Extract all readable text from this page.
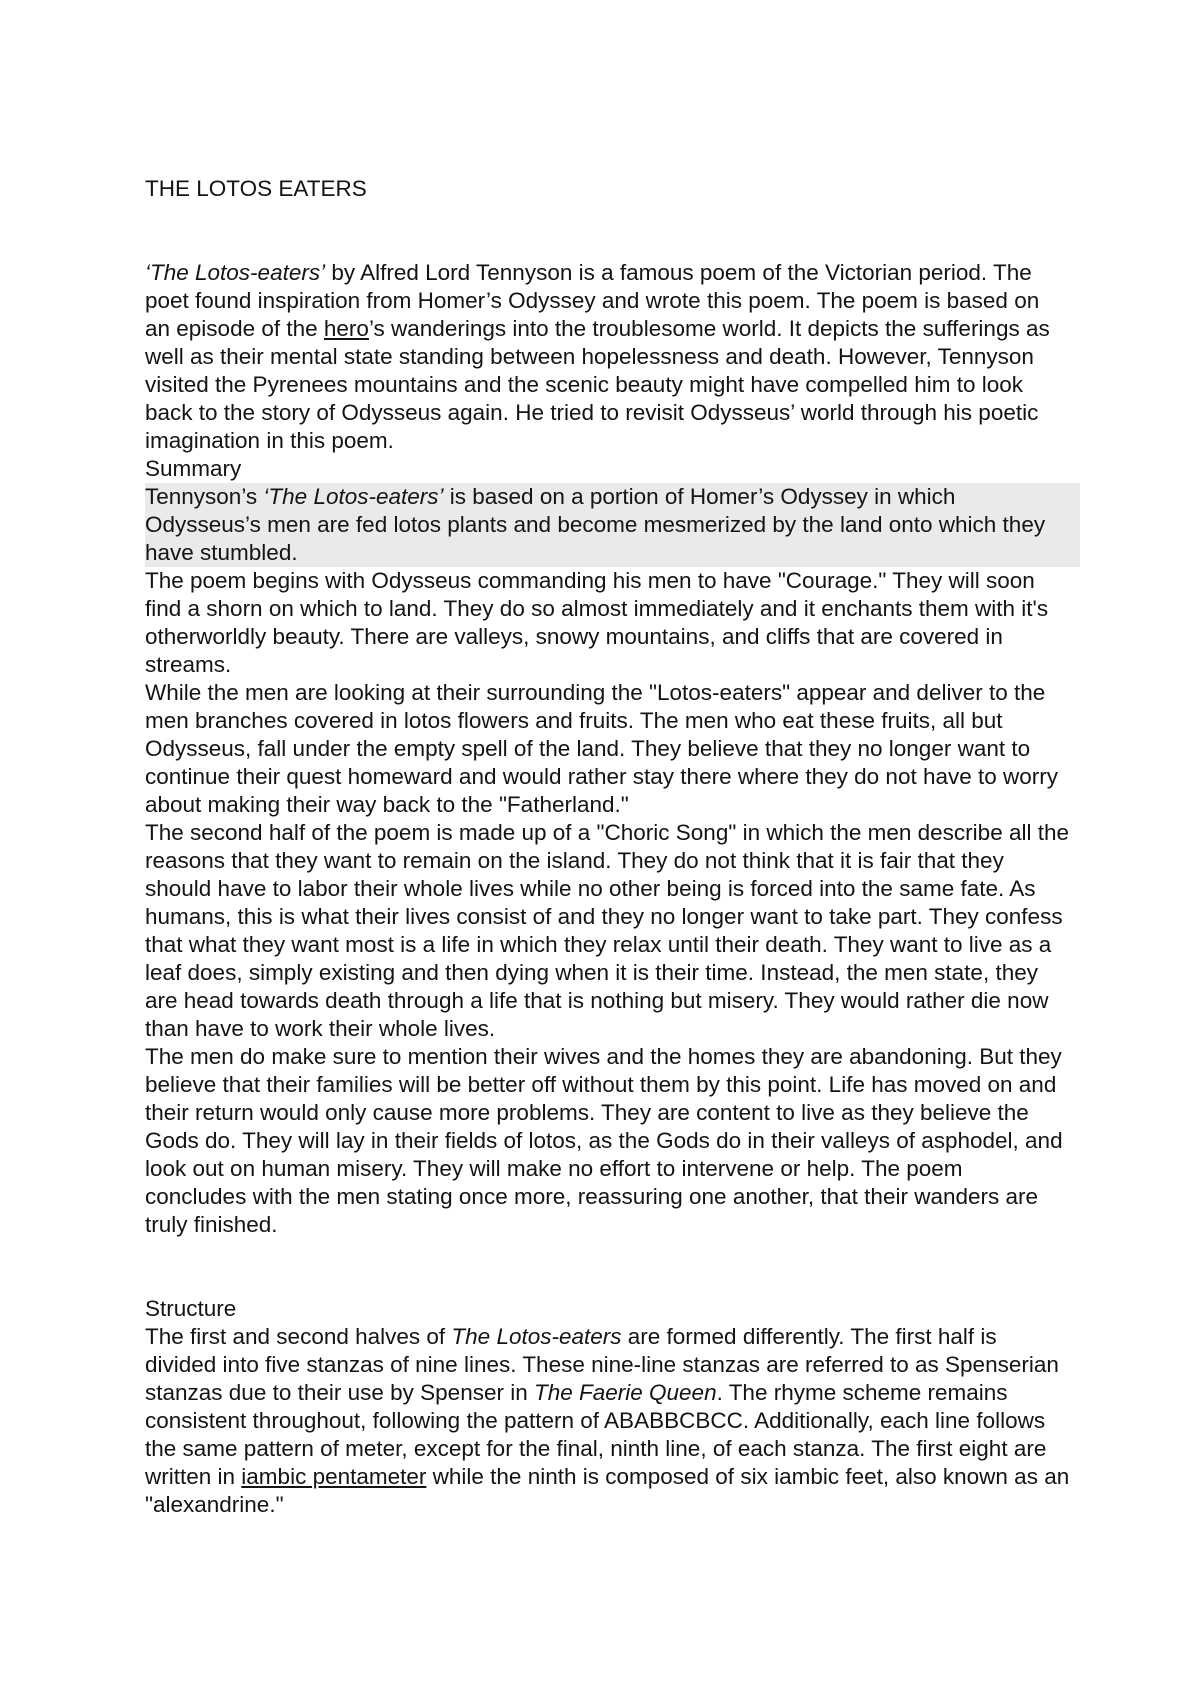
THE LOTOS EATERS

‘The Lotos-eaters’ by Alfred Lord Tennyson is a famous poem of the Victorian period. The poet found inspiration from Homer’s Odyssey and wrote this poem. The poem is based on an episode of the hero’s wanderings into the troublesome world. It depicts the sufferings as well as their mental state standing between hopelessness and death. However, Tennyson visited the Pyrenees mountains and the scenic beauty might have compelled him to look back to the story of Odysseus again. He tried to revisit Odysseus’ world through his poetic imagination in this poem.

Summary

Tennyson’s ‘The Lotos-eaters’ is based on a portion of Homer’s Odyssey in which Odysseus’s men are fed lotos plants and become mesmerized by the land onto which they have stumbled.

The poem begins with Odysseus commanding his men to have "Courage." They will soon find a shorn on which to land. They do so almost immediately and it enchants them with it's otherworldly beauty. There are valleys, snowy mountains, and cliffs that are covered in streams.

While the men are looking at their surrounding the "Lotos-eaters" appear and deliver to the men branches covered in lotos flowers and fruits. The men who eat these fruits, all but Odysseus, fall under the empty spell of the land. They believe that they no longer want to continue their quest homeward and would rather stay there where they do not have to worry about making their way back to the "Fatherland."

The second half of the poem is made up of a "Choric Song" in which the men describe all the reasons that they want to remain on the island. They do not think that it is fair that they should have to labor their whole lives while no other being is forced into the same fate. As humans, this is what their lives consist of and they no longer want to take part. They confess that what they want most is a life in which they relax until their death. They want to live as a leaf does, simply existing and then dying when it is their time. Instead, the men state, they are head towards death through a life that is nothing but misery. They would rather die now than have to work their whole lives.

The men do make sure to mention their wives and the homes they are abandoning. But they believe that their families will be better off without them by this point. Life has moved on and their return would only cause more problems. They are content to live as they believe the Gods do. They will lay in their fields of lotos, as the Gods do in their valleys of asphodel, and look out on human misery. They will make no effort to intervene or help. The poem concludes with the men stating once more, reassuring one another, that their wanders are truly finished.

Structure

The first and second halves of The Lotos-eaters are formed differently. The first half is divided into five stanzas of nine lines. These nine-line stanzas are referred to as Spenserian stanzas due to their use by Spenser in The Faerie Queen. The rhyme scheme remains consistent throughout, following the pattern of ABABBCBCC. Additionally, each line follows the same pattern of meter, except for the final, ninth line, of each stanza. The first eight are written in iambic pentameter while the ninth is composed of six iambic feet, also known as an "alexandrine."
